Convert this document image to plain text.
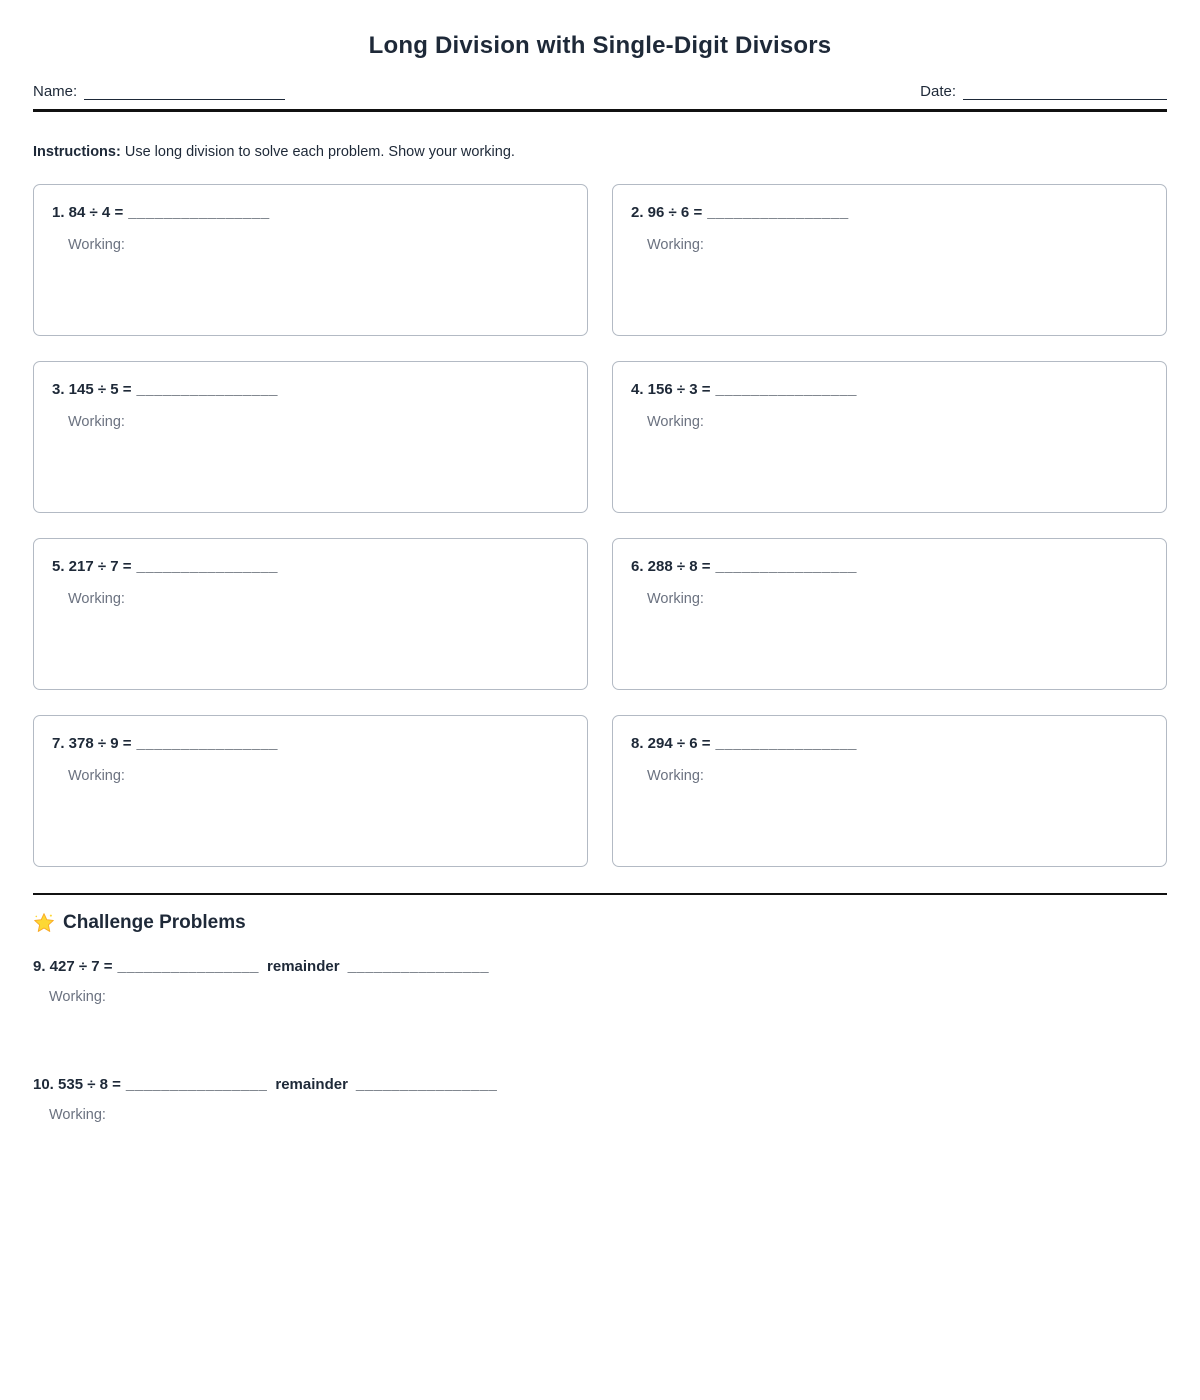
Long Division with Single-Digit Divisors
Name:	Date:

Instructions: Use long division to solve each problem. Show your working.

1. 84 ÷ 4 = ________________
Working:
2. 96 ÷ 6 = ________________
Working:
3. 145 ÷ 5 = ________________
Working:
4. 156 ÷ 3 = ________________
Working:
5. 217 ÷ 7 = ________________
Working:
6. 288 ÷ 8 = ________________
Working:
7. 378 ÷ 9 = ________________
Working:
8. 294 ÷ 6 = ________________
Working:
Challenge Problems
9. 427 ÷ 7 = ________________ remainder ________________
Working:
10. 535 ÷ 8 = ________________ remainder ________________
Working:
